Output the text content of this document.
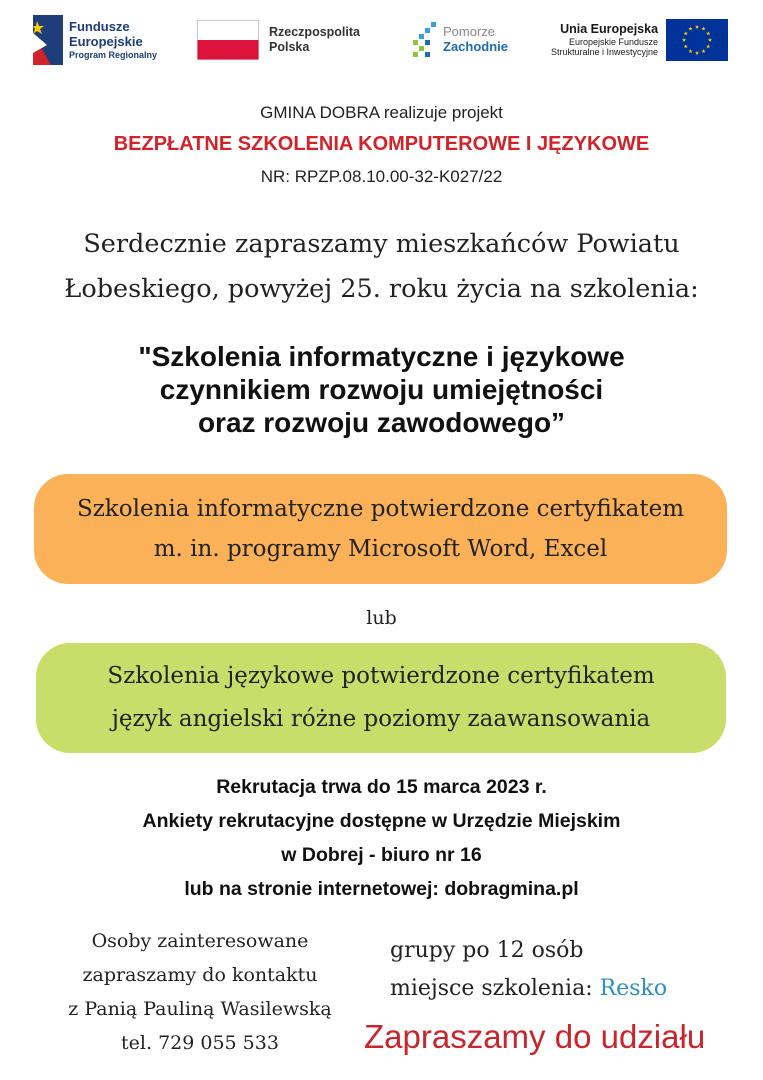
Fundusze
Europejskie
Program Regionalny
Rzeczpospolita
Polska
Pomorze
Zachodnie
Unia Europejska
Europejskie Fundusze
Strukturalne i Inwestycyjne
GMINA DOBRA realizuje projekt
BEZPŁATNE SZKOLENIA KOMPUTEROWE I JĘZYKOWE
NR: RPZP.08.10.00-32-K027/22
Serdecznie zapraszamy mieszkańców Powiatu
Łobeskiego, powyżej 25. roku życia na szkolenia:
"Szkolenia informatyczne i językowe
czynnikiem rozwoju umiejętności
oraz rozwoju zawodowego”
Szkolenia informatyczne potwierdzone certyfikatem
m. in. programy Microsoft Word, Excel
lub
Szkolenia językowe potwierdzone certyfikatem
język angielski różne poziomy zaawansowania
Rekrutacja trwa do 15 marca 2023 r.
Ankiety rekrutacyjne dostępne w Urzędzie Miejskim
w Dobrej - biuro nr 16
lub na stronie internetowej: dobragmina.pl
Osoby zainteresowane
zapraszamy do kontaktu
z Panią Pauliną Wasilewską
tel. 729 055 533
grupy po 12 osób
miejsce szkolenia: Resko
Zapraszamy do udziału
